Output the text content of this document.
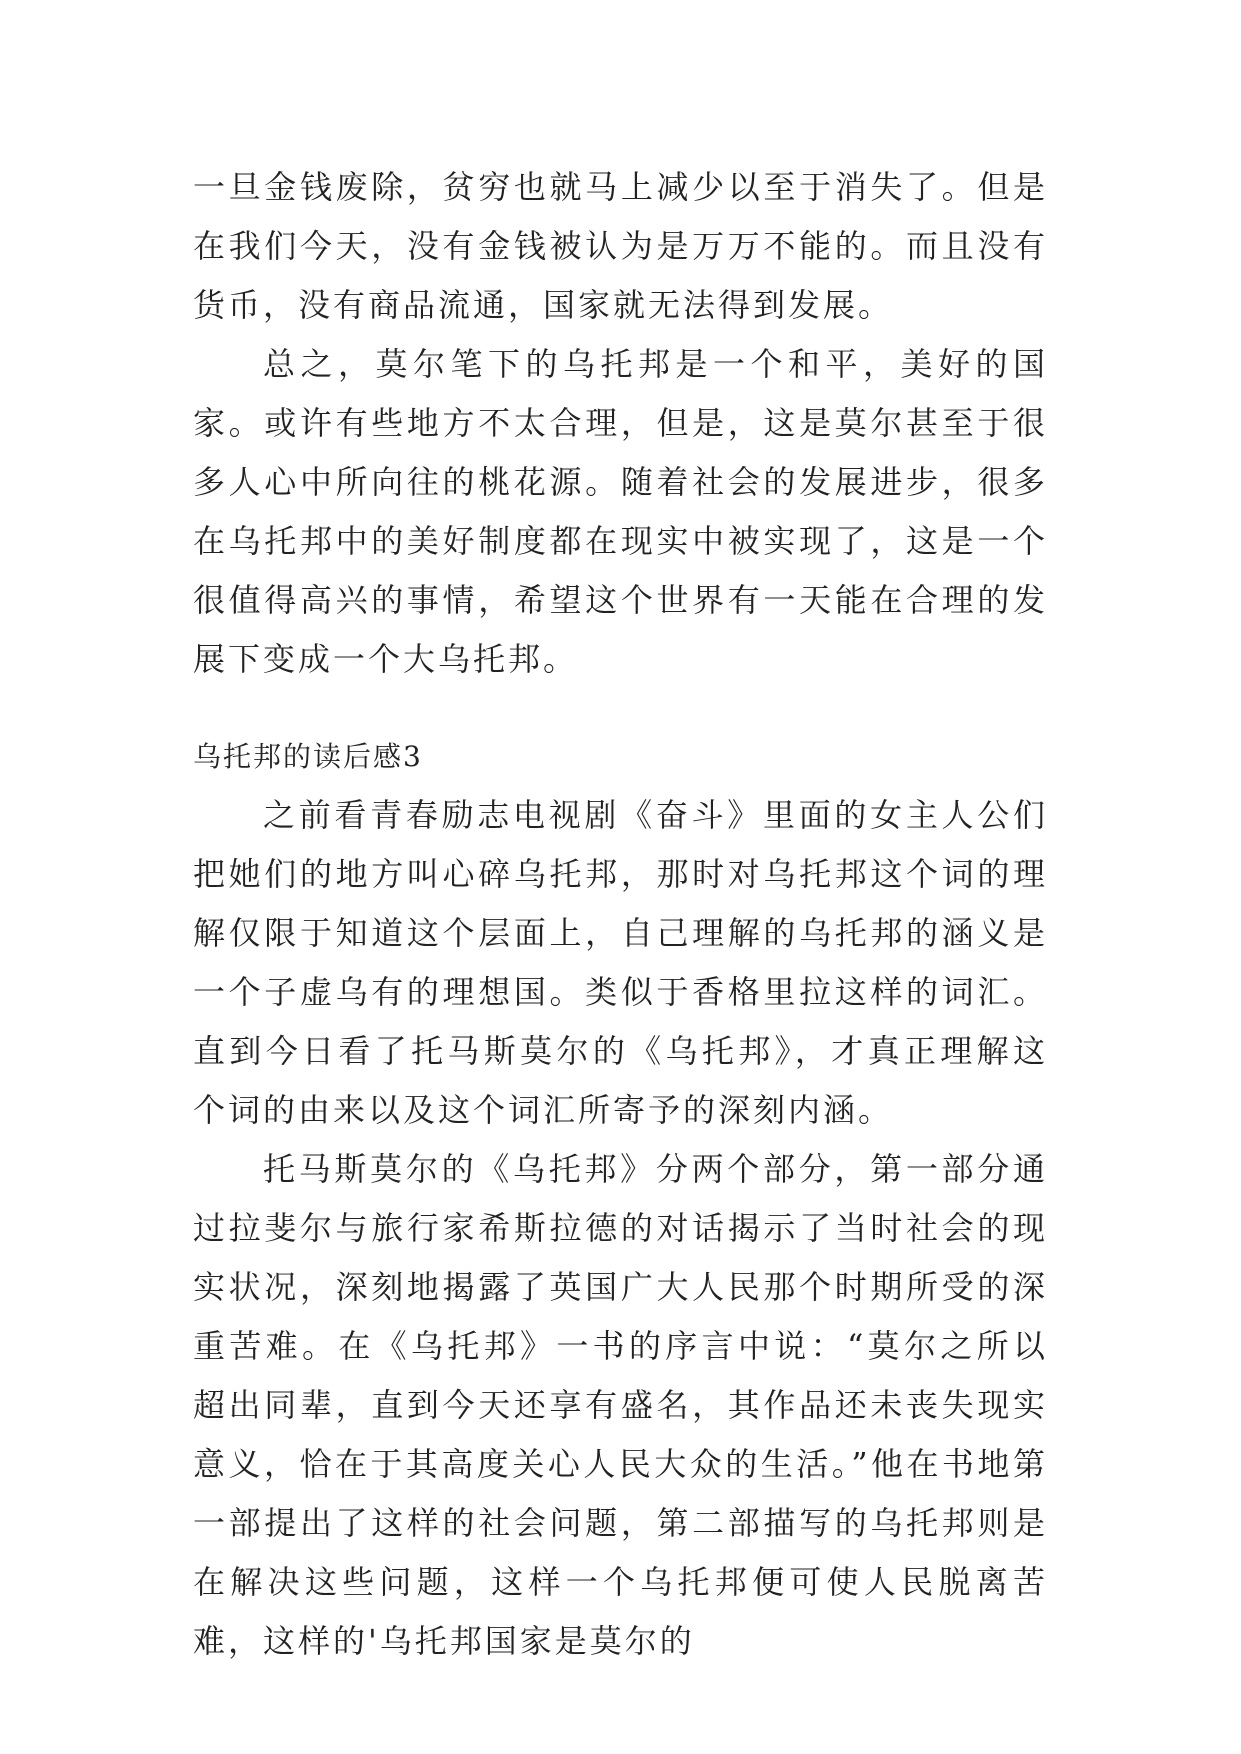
一旦金钱废除，贫穷也就马上减少以至于消失了。但是在我们今天，没有金钱被认为是万万不能的。而且没有货币，没有商品流通，国家就无法得到发展。

总之，莫尔笔下的乌托邦是一个和平，美好的国家。或许有些地方不太合理，但是，这是莫尔甚至于很多人心中所向往的桃花源。随着社会的发展进步，很多在乌托邦中的美好制度都在现实中被实现了，这是一个很值得高兴的事情，希望这个世界有一天能在合理的发展下变成一个大乌托邦。

乌托邦的读后感3

之前看青春励志电视剧《奋斗》里面的女主人公们把她们的地方叫心碎乌托邦，那时对乌托邦这个词的理解仅限于知道这个层面上，自己理解的乌托邦的涵义是一个子虚乌有的理想国。类似于香格里拉这样的词汇。直到今日看了托马斯莫尔的《乌托邦》，才真正理解这个词的由来以及这个词汇所寄予的深刻内涵。

托马斯莫尔的《乌托邦》分两个部分，第一部分通过拉斐尔与旅行家希斯拉德的对话揭示了当时社会的现实状况，深刻地揭露了英国广大人民那个时期所受的深重苦难。在《乌托邦》一书的序言中说：“莫尔之所以超出同辈，直到今天还享有盛名，其作品还未丧失现实意义，恰在于其高度关心人民大众的生活。”他在书地第一部提出了这样的社会问题，第二部描写的乌托邦则是在解决这些问题，这样一个乌托邦便可使人民脱离苦难，这样的'乌托邦国家是莫尔的
